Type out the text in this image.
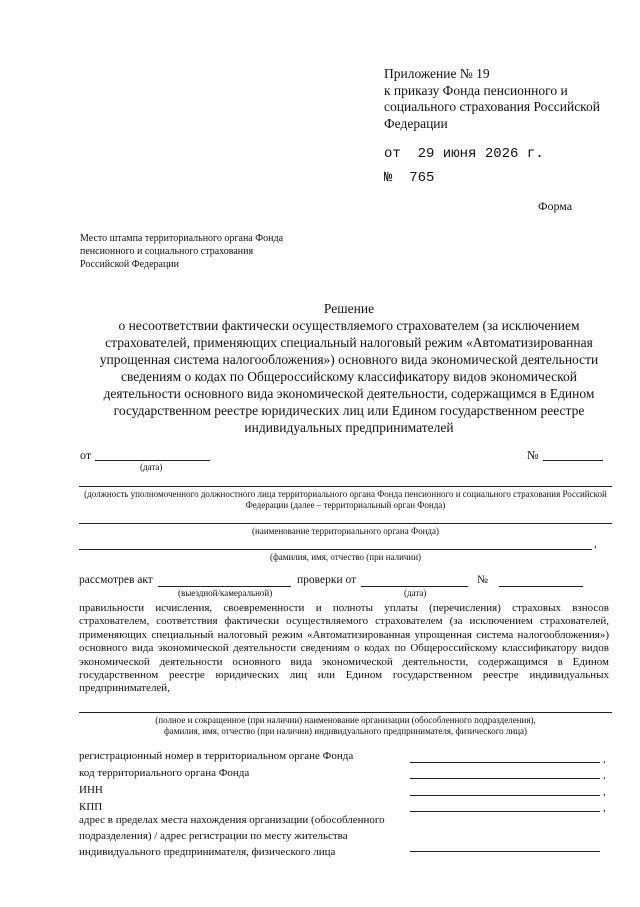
Приложение № 19
к приказу Фонда пенсионного и
социального страхования Российской
Федерации
от  29 июня 2026 г.
№  765
Форма
Место штампа территориального органа Фонда
пенсионного и социального страхования
Российской Федерации
Решение
о несоответствии фактически осуществляемого страхователем (за исключением
страхователей, применяющих специальный налоговый режим «Автоматизированная
упрощенная система налогообложения») основного вида экономической деятельности
сведениям о кодах по Общероссийскому классификатору видов экономической
деятельности основного вида экономической деятельности, содержащимся в Едином
государственном реестре юридических лиц или Едином государственном реестре
индивидуальных предпринимателей
от
(дата)
№
(должность уполномоченного должностного лица территориального органа Фонда пенсионного и социального страхования Российской Федерации (далее – территориальный орган Фонда)
(наименование территориального органа Фонда)
,
(фамилия, имя, отчество (при наличии)
рассмотрев акт	проверки от	№
(выездной/камеральной)	(дата)
правильности исчисления, своевременности и полноты уплаты (перечисления) страховых взносов страхователем, соответствия фактически осуществляемого страхователем (за исключением страхователей, применяющих специальный налоговый режим «Автоматизированная упрощенная система налогообложения») основного вида экономической деятельности сведениям о кодах по Общероссийскому классификатору видов экономической деятельности основного вида экономической деятельности, содержащимся в Едином государственном реестре юридических лиц или Едином государственном реестре индивидуальных предпринимателей,
(полное и сокращенное (при наличии) наименование организации (обособленного подразделения),
фамилия, имя, отчество (при наличии) индивидуального предпринимателя, физического лица)
регистрационный номер в территориальном органе Фонда	,
код территориального органа Фонда	,
ИНН	,
КПП	,
адрес в пределах места нахождения организации (обособленного
подразделения) / адрес регистрации по месту жительства
индивидуального предпринимателя, физического лица
